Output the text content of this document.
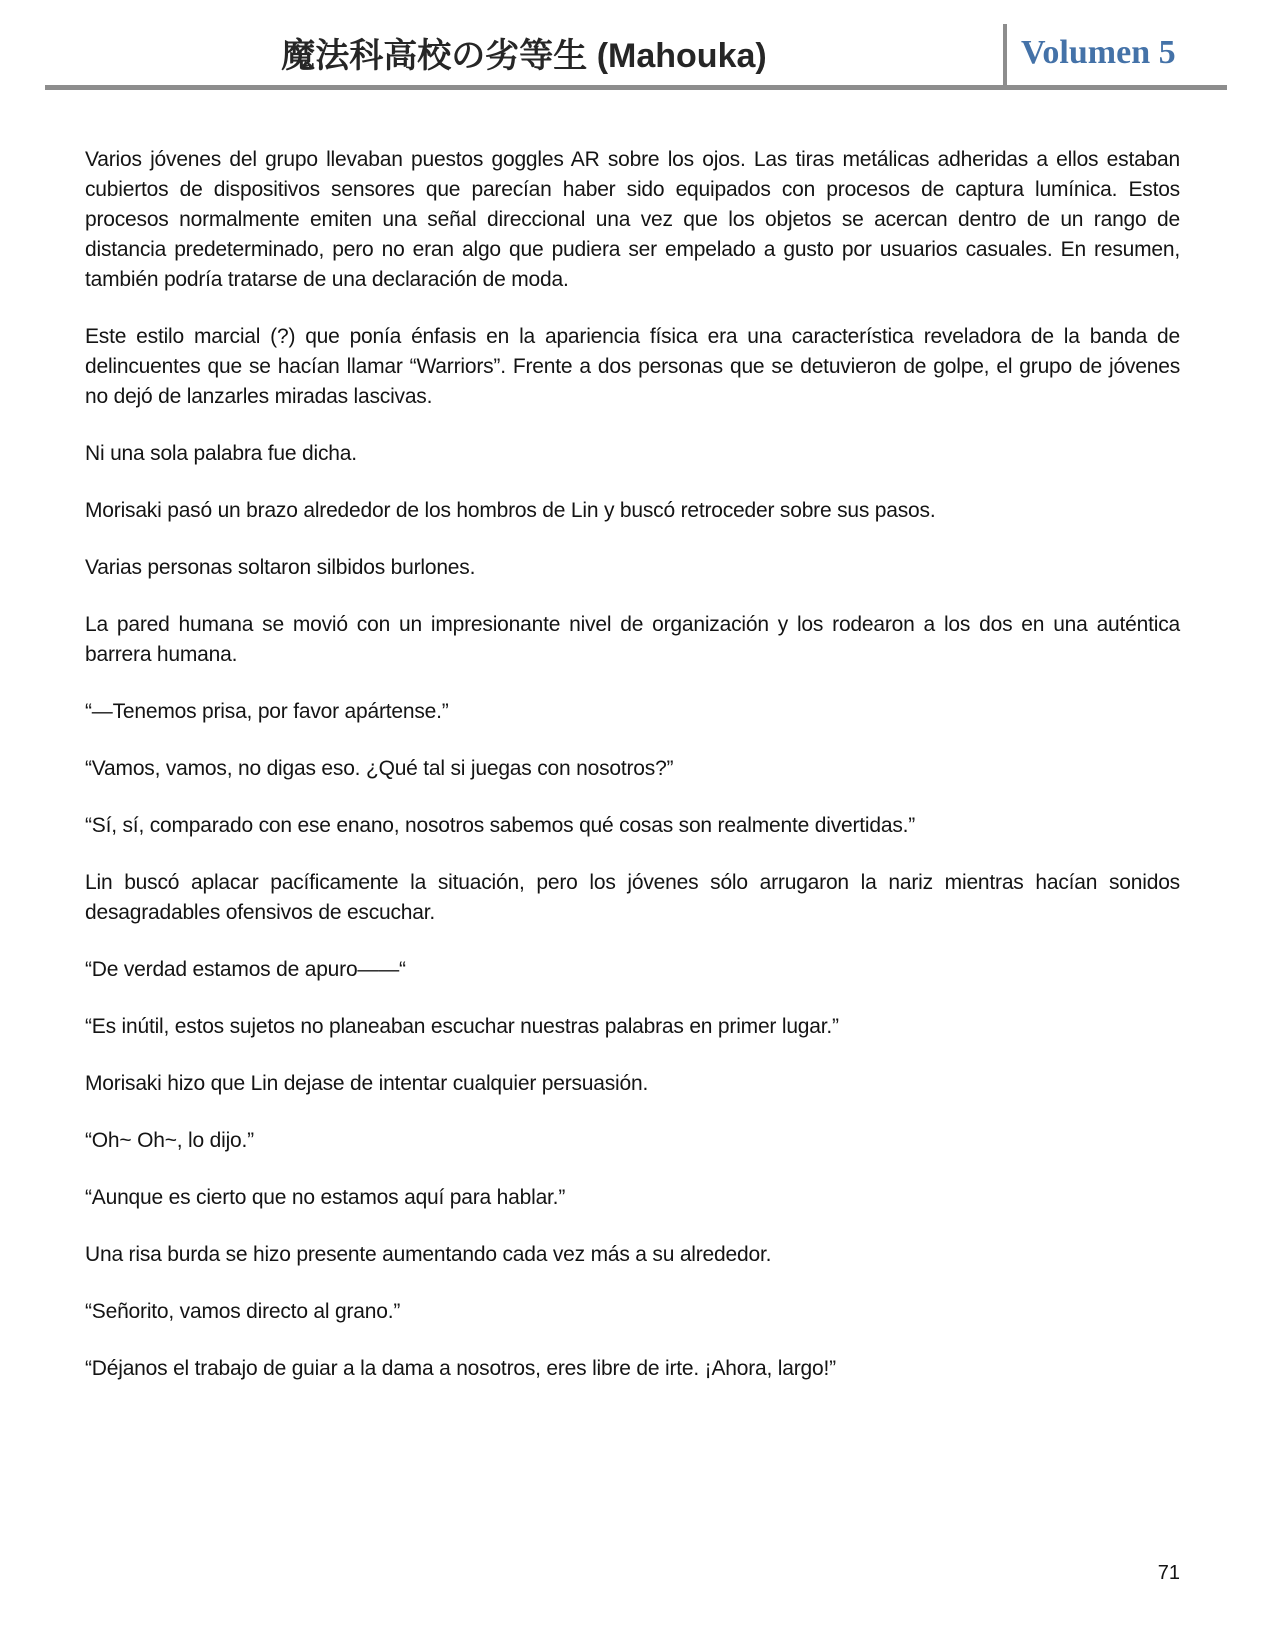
魔法科高校の劣等生 (Mahouka)	Volumen 5

Varios jóvenes del grupo llevaban puestos goggles AR sobre los ojos. Las tiras metálicas adheridas a ellos estaban cubiertos de dispositivos sensores que parecían haber sido equipados con procesos de captura lumínica. Estos procesos normalmente emiten una señal direccional una vez que los objetos se acercan dentro de un rango de distancia predeterminado, pero no eran algo que pudiera ser empelado a gusto por usuarios casuales. En resumen, también podría tratarse de una declaración de moda.

Este estilo marcial (?) que ponía énfasis en la apariencia física era una característica reveladora de la banda de delincuentes que se hacían llamar “Warriors”. Frente a dos personas que se detuvieron de golpe, el grupo de jóvenes no dejó de lanzarles miradas lascivas.

Ni una sola palabra fue dicha.

Morisaki pasó un brazo alrededor de los hombros de Lin y buscó retroceder sobre sus pasos.

Varias personas soltaron silbidos burlones.

La pared humana se movió con un impresionante nivel de organización y los rodearon a los dos en una auténtica barrera humana.

“—Tenemos prisa, por favor apártense.”

“Vamos, vamos, no digas eso. ¿Qué tal si juegas con nosotros?”

“Sí, sí, comparado con ese enano, nosotros sabemos qué cosas son realmente divertidas.”

Lin buscó aplacar pacíficamente la situación, pero los jóvenes sólo arrugaron la nariz mientras hacían sonidos desagradables ofensivos de escuchar.

“De verdad estamos de apuro——“

“Es inútil, estos sujetos no planeaban escuchar nuestras palabras en primer lugar.”

Morisaki hizo que Lin dejase de intentar cualquier persuasión.

“Oh~ Oh~, lo dijo.”

“Aunque es cierto que no estamos aquí para hablar.”

Una risa burda se hizo presente aumentando cada vez más a su alrededor.

“Señorito, vamos directo al grano.”

“Déjanos el trabajo de guiar a la dama a nosotros, eres libre de irte. ¡Ahora, largo!”

71
